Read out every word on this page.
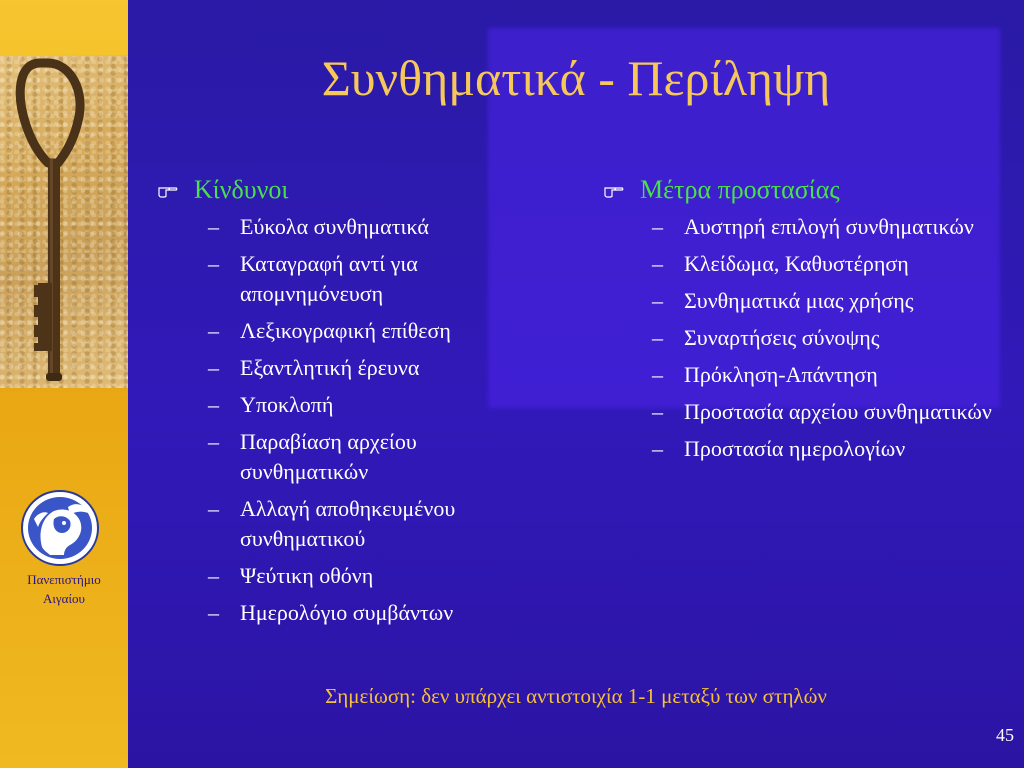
Πανεπιστήμιο
Αιγαίου
Συνθηματικά - Περίληψη
Κίνδυνοι
– Εύκολα συνθηματικά
– Καταγραφή αντί για απομνημόνευση
– Λεξικογραφική επίθεση
– Εξαντλητική έρευνα
– Υποκλοπή
– Παραβίαση αρχείου συνθηματικών
– Αλλαγή αποθηκευμένου συνθηματικού
– Ψεύτικη οθόνη
– Ημερολόγιο συμβάντων
Μέτρα προστασίας
– Αυστηρή επιλογή συνθηματικών
– Κλείδωμα, Καθυστέρηση
– Συνθηματικά μιας χρήσης
– Συναρτήσεις σύνοψης
– Πρόκληση-Απάντηση
– Προστασία αρχείου συνθηματικών
– Προστασία ημερολογίων
Σημείωση: δεν υπάρχει αντιστοιχία 1-1 μεταξύ των στηλών
45
